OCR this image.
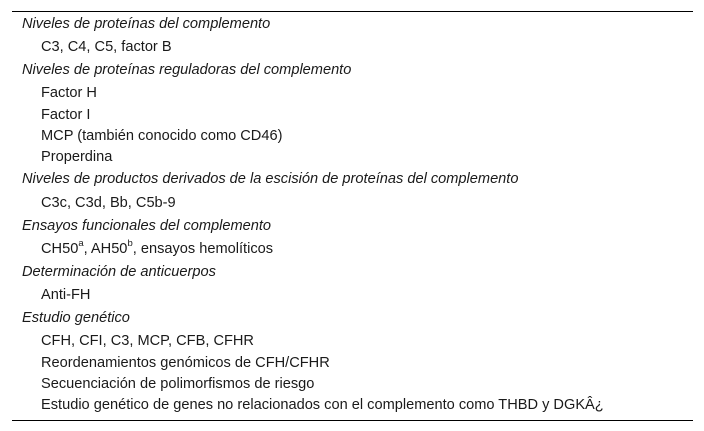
Niveles de proteínas del complemento
C3, C4, C5, factor B
Niveles de proteínas reguladoras del complemento
Factor H
Factor I
MCP (también conocido como CD46)
Properdina
Niveles de productos derivados de la escisión de proteínas del complemento
C3c, C3d, Bb, C5b-9
Ensayos funcionales del complemento
CH50$^a$, AH50$^b$, ensayos hemolíticos
Determinación de anticuerpos
Anti-FH
Estudio genético
CFH, CFI, C3, MCP, CFB, CFHR
Reordenamientos genómicos de CFH/CFHR
Secuenciación de polimorfismos de riesgo
Estudio genético de genes no relacionados con el complemento como THBD y DGKÂ¿
